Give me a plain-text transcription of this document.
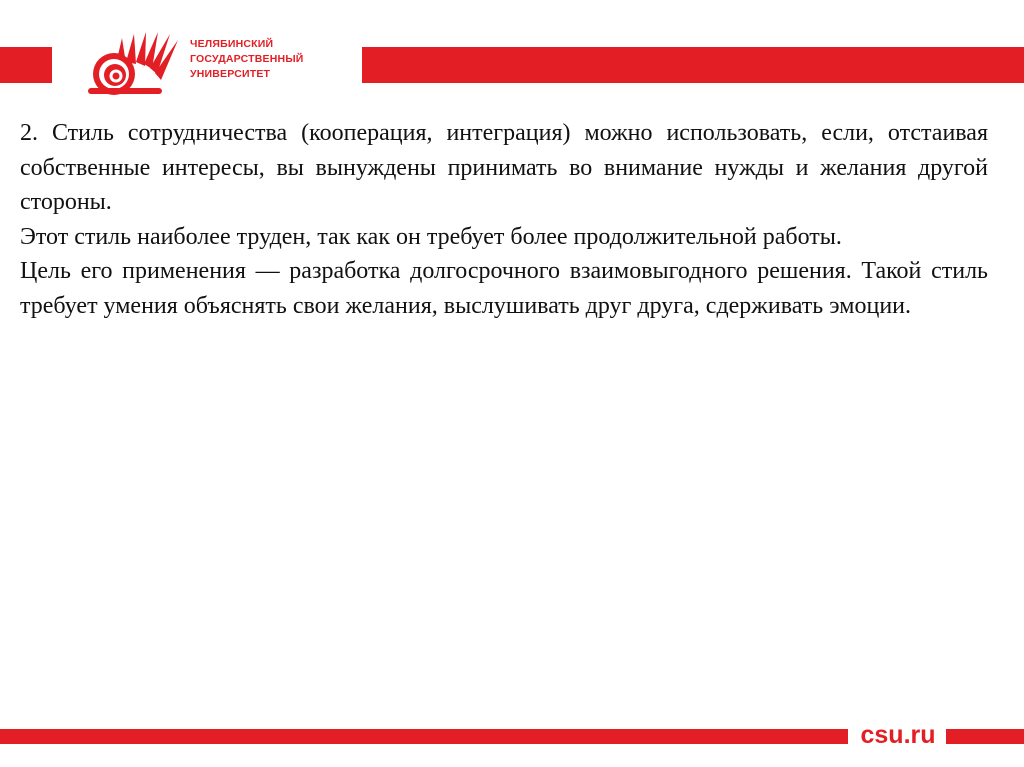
ЧЕЛЯБИНСКИЙ
ГОСУДАРСТВЕННЫЙ
УНИВЕРСИТЕТ

2. Стиль сотрудничества (кооперация, интеграция) можно использовать, если, отстаивая собственные интересы, вы вынуждены принимать во внимание нужды и желания другой стороны.

Этот стиль наиболее труден, так как он требует более продолжительной работы.

Цель его применения — разработка долгосрочного взаимовыгодного решения. Такой стиль требует умения объяснять свои желания, выслушивать друг друга, сдерживать эмоции.

csu.ru
